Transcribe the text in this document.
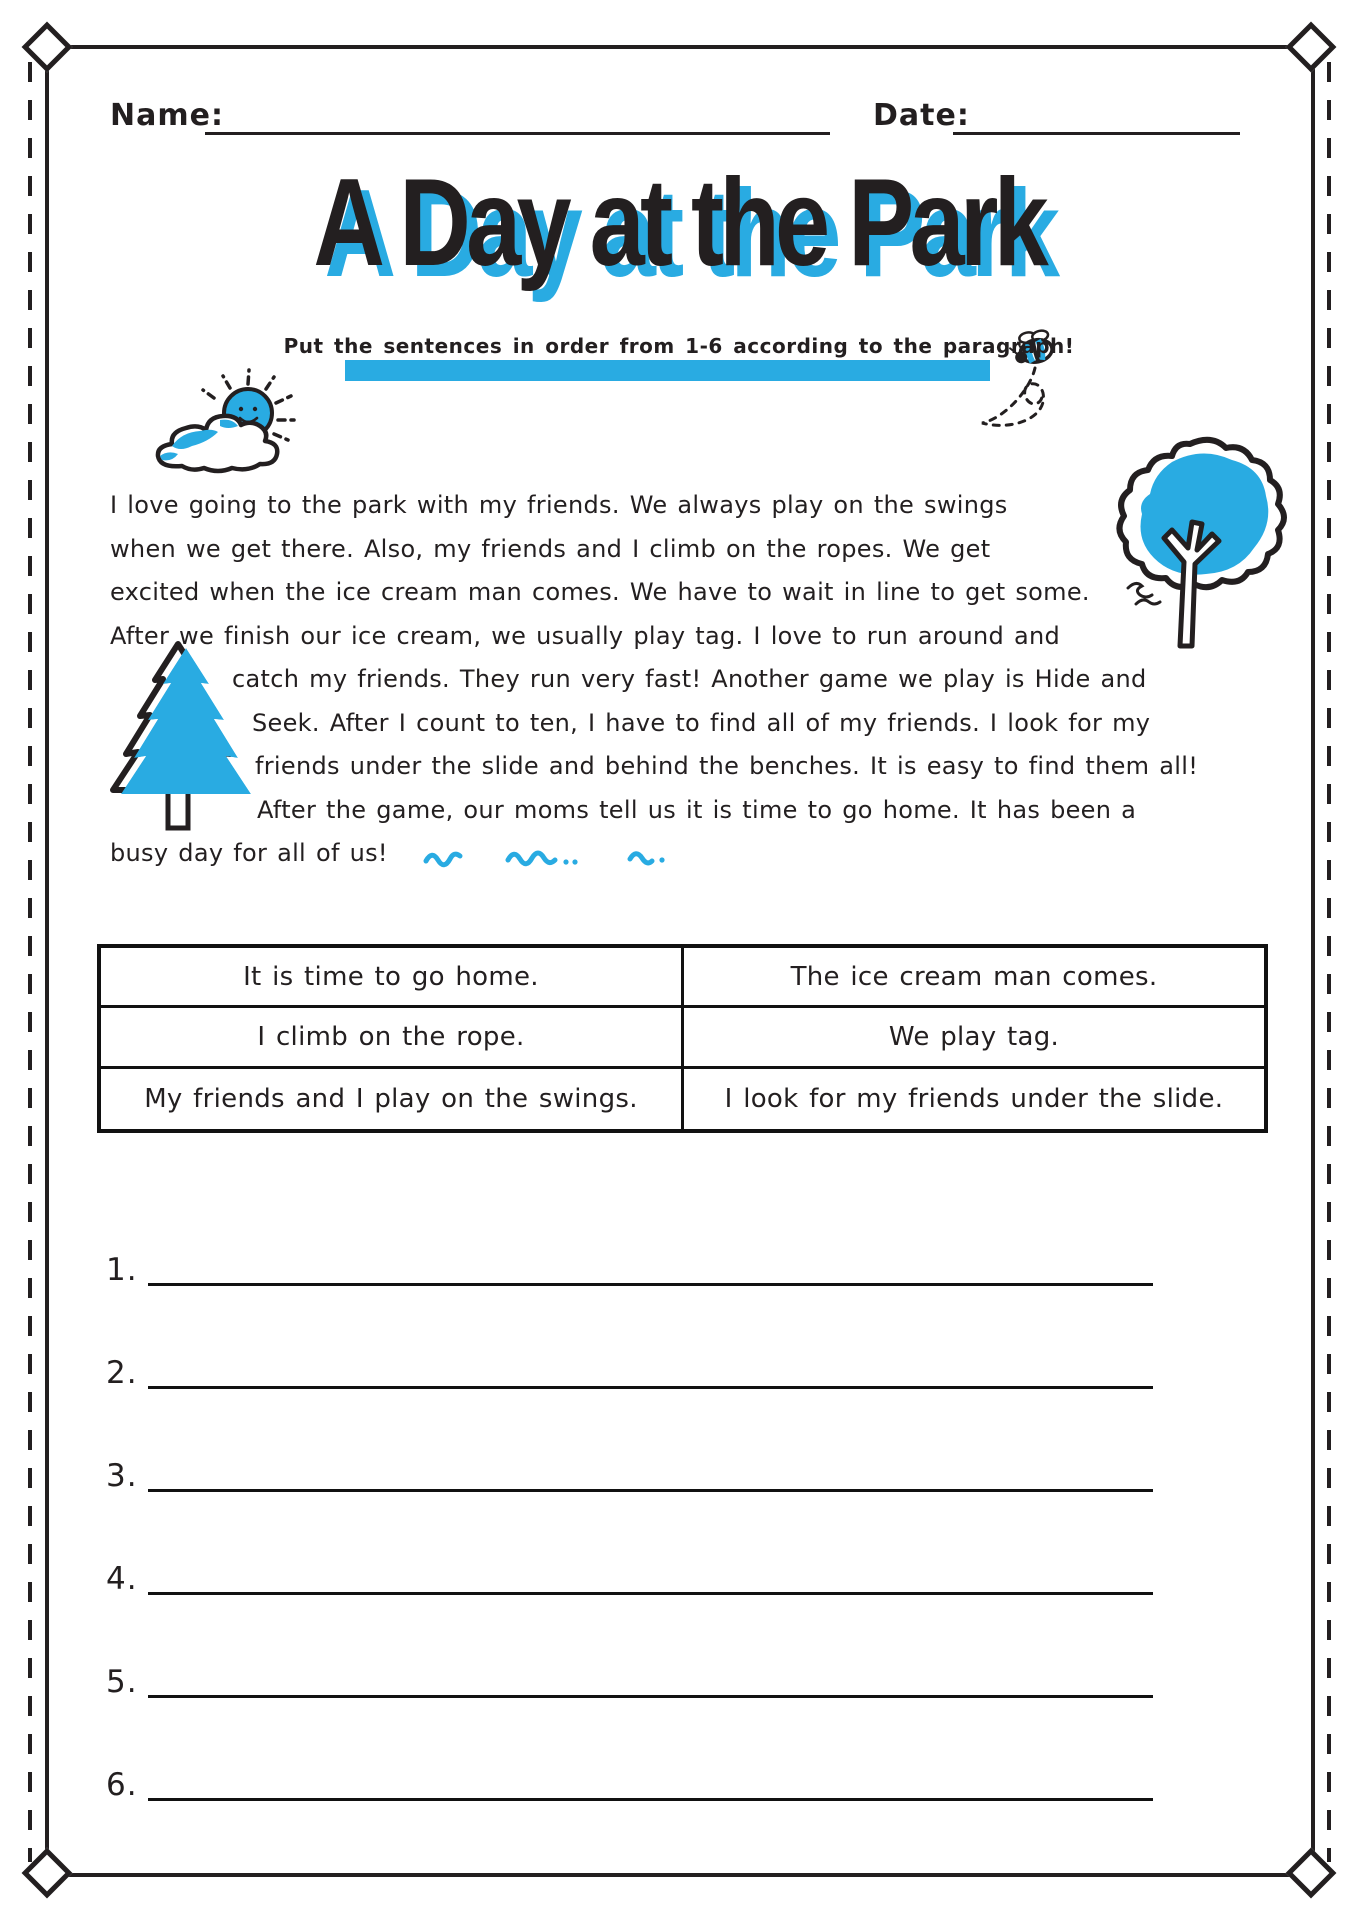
Name:	Date:
A Day at the Park
Put the sentences in order from 1-6 according to the paragraph!
I love going to the park with my friends. We always play on the swings
when we get there. Also, my friends and I climb on the ropes. We get
excited when the ice cream man comes. We have to wait in line to get some.
After we finish our ice cream, we usually play tag. I love to run around and
catch my friends. They run very fast! Another game we play is Hide and
Seek. After I count to ten, I have to find all of my friends. I look for my
friends under the slide and behind the benches. It is easy to find them all!
After the game, our moms tell us it is time to go home. It has been a
busy day for all of us!
It is time to go home.	The ice cream man comes.
I climb on the rope.	We play tag.
My friends and I play on the swings.	I look for my friends under the slide.
1.
2.
3.
4.
5.
6.
